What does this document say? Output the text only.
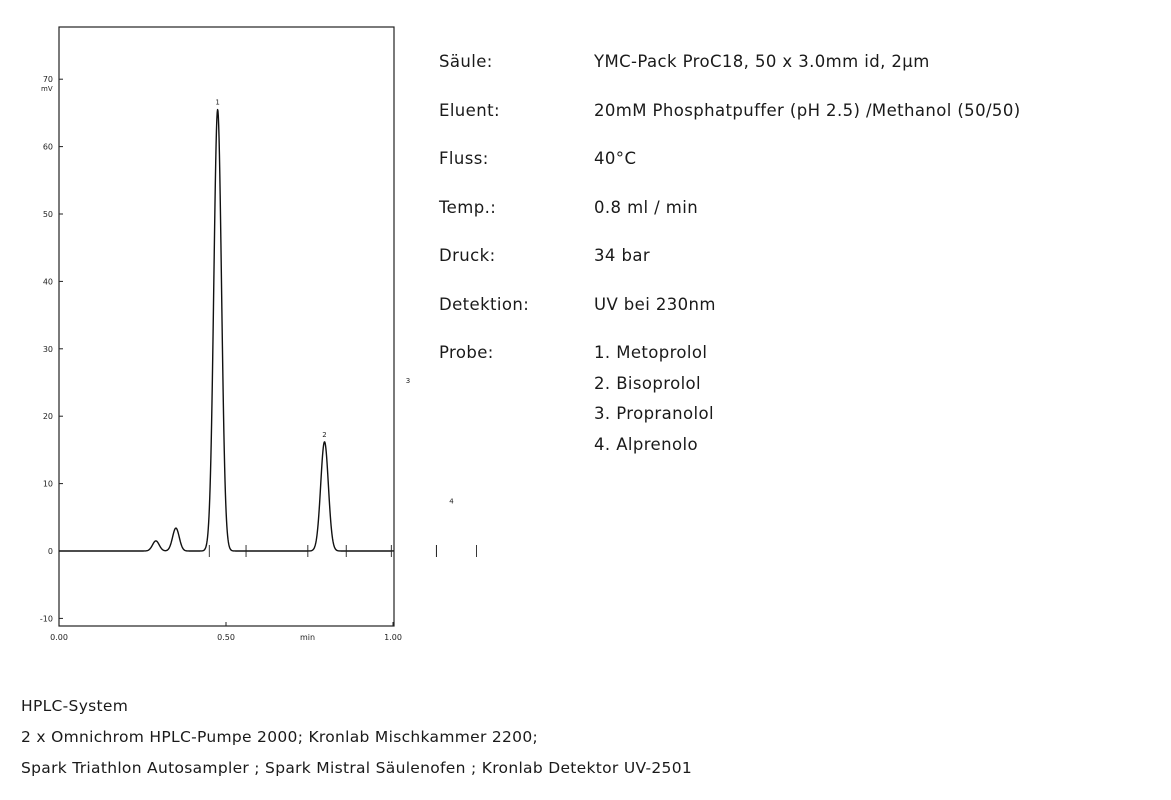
-10
0
10
20
30
40
50
60
70
0.00	0.50	1.00
1
2
3
4
mV
min
Säule:	YMC-Pack ProC18, 50 x 3.0mm id, 2µm
Eluent:	20mM Phosphatpuffer (pH 2.5) /Methanol (50/50)
Fluss:	40°C
Temp.:	0.8 ml / min
Druck:	34 bar
Detektion:	UV bei 230nm
Probe:	1. Metoprolol
2. Bisoprolol
3. Propranolol
4. Alprenolo
HPLC-System
2 x Omnichrom HPLC-Pumpe 2000; Kronlab Mischkammer 2200;
Spark Triathlon Autosampler ; Spark Mistral Säulenofen ; Kronlab Detektor UV-2501
